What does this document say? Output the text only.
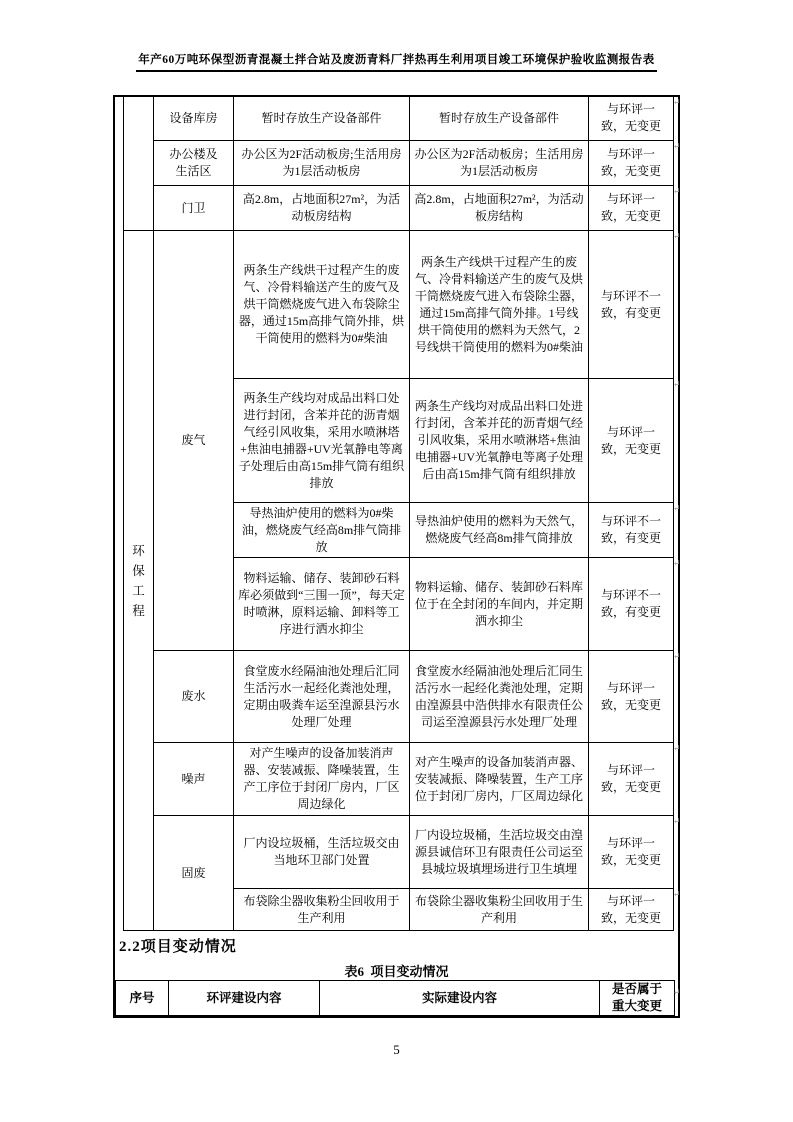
年产60万吨环保型沥青混凝土拌合站及废沥青料厂拌热再生利用项目竣工环境保护验收监测报告表
	设备库房	暂时存放生产设备部件	暂时存放生产设备部件	与环评一致，无变更
	办公楼及生活区	办公区为2F活动板房;生活用房为1层活动板房	办公区为2F活动板房；生活用房为1层活动板房	与环评一致，无变更
	门卫	高2.8m，占地面积27m²，为活动板房结构	高2.8m，占地面积27m²，为活动板房结构	与环评一致，无变更

环保工程	废气	两条生产线烘干过程产生的废气、冷骨料输送产生的废气及烘干筒燃烧废气进入布袋除尘器，通过15m高排气筒外排，烘干筒使用的燃料为0#柴油	两条生产线烘干过程产生的废气、冷骨料输送产生的废气及烘干筒燃烧废气进入布袋除尘器，通过15m高排气筒外排。1号线烘干筒使用的燃料为天然气，2号线烘干筒使用的燃料为0#柴油	与环评不一致，有变更
		两条生产线均对成品出料口处进行封闭，含苯并芘的沥青烟气经引风收集，采用水喷淋塔+焦油电捕器+UV光氧静电等离子处理后由高15m排气筒有组织排放	两条生产线均对成品出料口处进行封闭，含苯并芘的沥青烟气经引风收集，采用水喷淋塔+焦油电捕器+UV光氧静电等离子处理后由高15m排气筒有组织排放	与环评一致，无变更
		导热油炉使用的燃料为0#柴油，燃烧废气经高8m排气筒排放	导热油炉使用的燃料为天然气，燃烧废气经高8m排气筒排放	与环评不一致，有变更
		物料运输、储存、装卸砂石料库必须做到“三围一顶”，每天定时喷淋，原料运输、卸料等工序进行洒水抑尘	物料运输、储存、装卸砂石料库位于在全封闭的车间内，并定期洒水抑尘	与环评不一致，有变更
	废水	食堂废水经隔油池处理后汇同生活污水一起经化粪池处理，定期由吸粪车运至湟源县污水处理厂处理	食堂废水经隔油池处理后汇同生活污水一起经化粪池处理，定期由湟源县中浩供排水有限责任公司运至湟源县污水处理厂处理	与环评一致，无变更
	噪声	对产生噪声的设备加装消声器、安装减振、降噪装置，生产工序位于封闭厂房内，厂区周边绿化	对产生噪声的设备加装消声器、安装减振、降噪装置，生产工序位于封闭厂房内，厂区周边绿化	与环评一致，无变更
	固废	厂内设垃圾桶，生活垃圾交由当地环卫部门处置	厂内设垃圾桶，生活垃圾交由湟源县诚信环卫有限责任公司运至县城垃圾填埋场进行卫生填埋	与环评一致，无变更
		布袋除尘器收集粉尘回收用于生产利用	布袋除尘器收集粉尘回收用于生产利用	与环评一致，无变更
2.2项目变动情况
表6  项目变动情况
序号	环评建设内容	实际建设内容	是否属于重大变更
↵
↵
↵
↵
↵
↵
↵
↵
↵
↵
↵
↵
5
